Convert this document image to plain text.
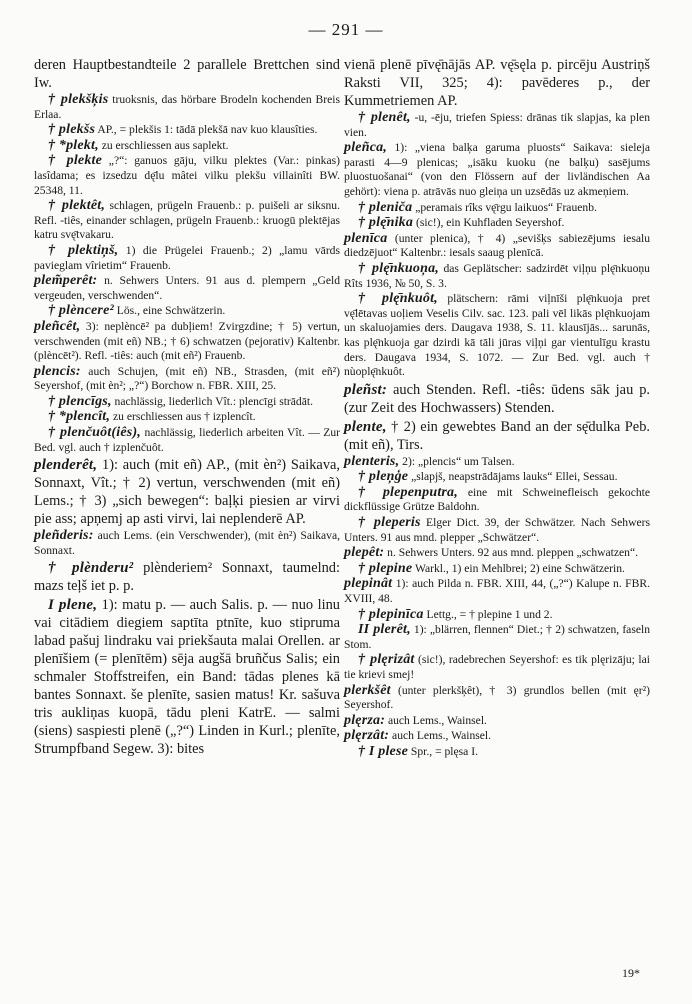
— 291 —

deren Hauptbestandteile 2 parallele Brettchen sind Iw.

† plekšķis truoksnis, das hörbare Brodeln kochenden Breis Erlaa.

† plekšs AP., = plekšis 1: tādā plekšā nav kuo klausîties.

† *plekt, zu erschliessen aus saplekt.

† plekte „?“: ganuos gāju, vilku plektes (Var.: pinkas) lasîdama; es izsedzu dę̄lu mâtei vilku plekšu villainîti BW. 25348, 11.

† plektêt, schlagen, prügeln Frauenb.: p. puišeli ar siksnu. Refl. -tiês, einander schlagen, prügeln Frauenb.: kruogū plektējas katru svę̄tvakaru.

† plektiņš, 1) die Prügelei Frauenb.; 2) „lamu vārds pavieglam vîrietim“ Frauenb.

plem̃perêt: n. Sehwers Unters. 91 aus d. plempern „Geld vergeuden, verschwenden“.

† plèncere² Lös., eine Schwätzerin.

pleñcêt, 3): neplèncē² pa dubļiem! Zvirgzdine; † 5) vertun, verschwenden (mit eñ) NB.; † 6) schwatzen (pejorativ) Kaltenbr. (plèncēt²). Refl. -tiês: auch (mit eñ²) Frauenb.

plencis: auch Schujen, (mit eñ) NB., Strasden, (mit eñ²) Seyershof, (mit èn²; „?“) Borchow n. FBR. XIII, 25.

† plencīgs, nachlässig, liederlich Vît.: plencīgi strādāt.

† *plencît, zu erschliessen aus † izplencît.

† plenčuôt(iês), nachlässig, liederlich arbeiten Vît. — Zur Bed. vgl. auch † izplenčuôt.

plenderêt, 1): auch (mit eñ) AP., (mit èn²) Saikava, Sonnaxt, Vît.; † 2) vertun, verschwenden (mit eñ) Lems.; † 3) „sich bewegen“: baļķi piesien ar virvi pie ass; apņemj ap asti virvi, lai neplenderē AP.

pleñderis: auch Lems. (ein Verschwender), (mit èn²) Saikava, Sonnaxt.

† plènderu² plènderiem² Sonnaxt, taumelnd: mazs teļš iet p. p.

I plene, 1): matu p. — auch Salis. p. — nuo linu vai citādiem diegiem saptīta ptnīte, kuo stipruma labad pašuj lindraku vai priekšauta malai Orellen. ar plenīšiem (= plenītēm) sēja augšā bruñčus Salis; ein schmaler Stoffstreifen, ein Band: tādas plenes kā bantes Sonnaxt. še plenīte, sasien matus! Kr. sašuva tris aukliņas kuopā, tādu pleni KatrE. — salmi (siens) saspiesti plenē („?“) Linden in Kurl.; plenīte, Strumpfband Segew. 3): bites

vienā plenē pīvę̄nājās AP. vę̄sęla p. pircēju Austriņš Raksti VII, 325; 4): pavēderes p., der Kummetriemen AP.

† plenêt, -u, -ēju, triefen Spiess: drānas tik slapjas, ka plen vien.

pleñca, 1): „viena balķa garuma pluosts“ Saikava: sieleja parasti 4—9 plenicas; „isāku kuoku (ne balķu) sasējums pluostuošanai“ (von den Flössern auf der livländischen Aa gehört): viena p. atrāvās nuo gleiņa un uzsēdās uz akmeņiem.

† pleniča „peramais rîks vę̄rgu laikuos“ Frauenb.

† plę̄nika (sic!), ein Kuhfladen Seyershof.

plenīca (unter plenica), † 4) „sevišķs sabiezējums iesalu diedzējuot“ Kaltenbr.: iesals saaug plenīcā.

† plę̄nkuoņa, das Geplätscher: sadzirdēt viļņu plę̄nkuoņu Rîts 1936, № 50, S. 3.

† plę̄nkuôt, plätschern: rāmi viļnīši plę̄nkuoja pret vę̄lētavas uoļiem Veselis Cilv. sac. 123. pali vēl likās plę̄nkuojam un skaluojamies ders. Daugava 1938, S. 11. klausījās... sarunās, kas plę̄nkuoja gar dzirdi kā tāli jūras viļņi gar vientulīgu krastu ders. Daugava 1934, S. 1072. — Zur Bed. vgl. auch † nùoplę̄nkuôt.

pleñst: auch Stenden. Refl. -tiês: ūdens sāk jau p. (zur Zeit des Hochwassers) Stenden.

plente, † 2) ein gewebtes Band an der sę̄dulka Peb. (mit eñ), Tirs.

plenteris, 2): „plencis“ um Talsen.

† pleņģe „slapjš, neapstrādājams lauks“ Ellei, Sessau.

† plepenputra, eine mit Schweinefleisch gekochte dickflüssige Grütze Baldohn.

† pleperis Elger Dict. 39, der Schwätzer. Nach Sehwers Unters. 91 aus mnd. plepper „Schwätzer“.

plepêt: n. Sehwers Unters. 92 aus mnd. pleppen „schwatzen“.

† plepine Warkl., 1) ein Mehlbrei; 2) eine Schwätzerin.

plepinât 1): auch Pilda n. FBR. XIII, 44, („?“) Kalupe n. FBR. XVIII, 48.

† plepinīca Lettg., = † plepine 1 und 2.

II plerêt, 1): „blärren, flennen“ Diet.; † 2) schwatzen, faseln Stom.

† plęrizât (sic!), radebrechen Seyershof: es tik plęrizāju; lai tie krievi smej!

plerkšêt (unter plerkšķêt), † 3) grundlos bellen (mit ęr²) Seyershof.

plęrza: auch Lems., Wainsel.

plęrzât: auch Lems., Wainsel.

† I plese Spr., = plęsa I.

19*
